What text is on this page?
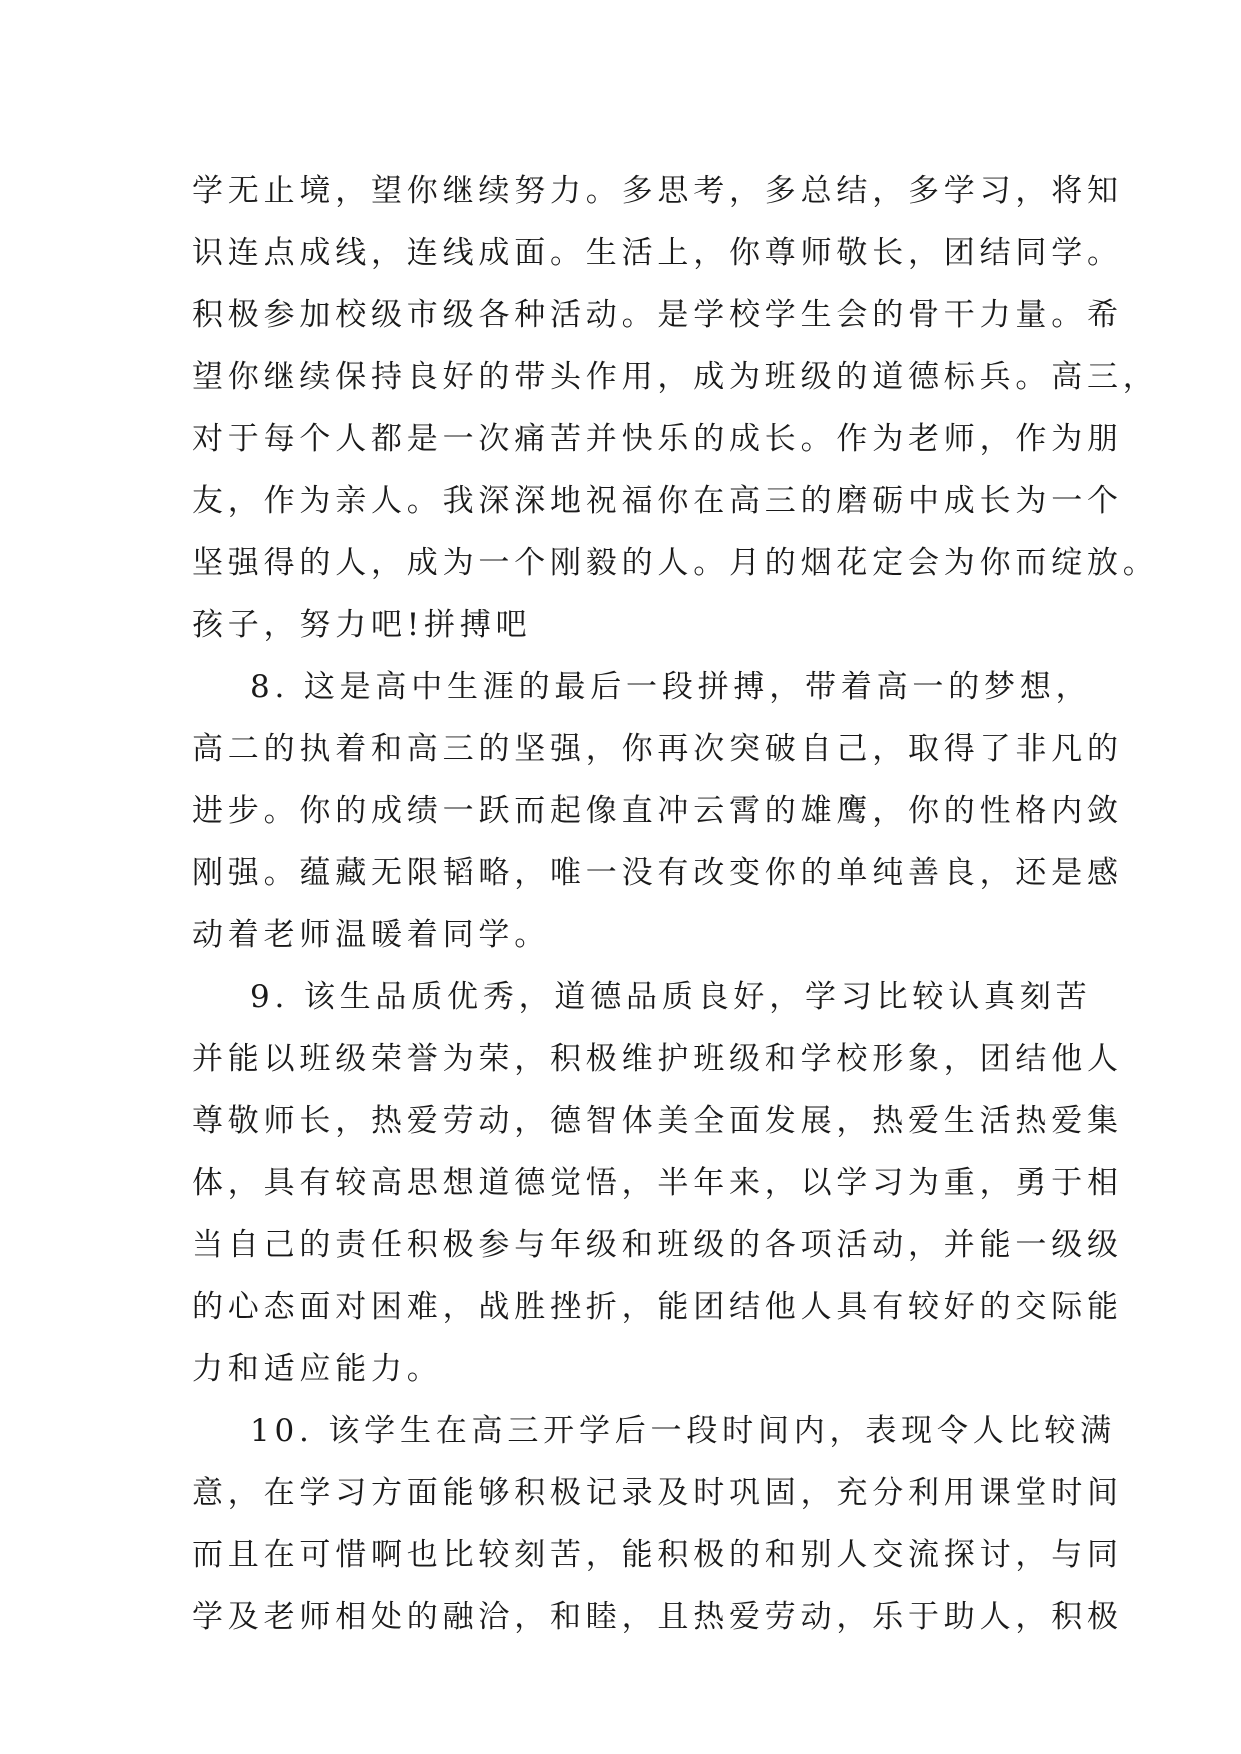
学无止境，望你继续努力。多思考，多总结，多学习，将知
识连点成线，连线成面。生活上，你尊师敬长，团结同学。
积极参加校级市级各种活动。是学校学生会的骨干力量。希
望你继续保持良好的带头作用，成为班级的道德标兵。高三，
对于每个人都是一次痛苦并快乐的成长。作为老师，作为朋
友，作为亲人。我深深地祝福你在高三的磨砺中成长为一个
坚强得的人，成为一个刚毅的人。月的烟花定会为你而绽放。
孩子，努力吧!拼搏吧
8. 这是高中生涯的最后一段拼搏，带着高一的梦想，
高二的执着和高三的坚强，你再次突破自己，取得了非凡的
进步。你的成绩一跃而起像直冲云霄的雄鹰，你的性格内敛
刚强。蕴藏无限韬略，唯一没有改变你的单纯善良，还是感
动着老师温暖着同学。
9. 该生品质优秀，道德品质良好，学习比较认真刻苦
并能以班级荣誉为荣，积极维护班级和学校形象，团结他人
尊敬师长，热爱劳动，德智体美全面发展，热爱生活热爱集
体，具有较高思想道德觉悟，半年来，以学习为重，勇于相
当自己的责任积极参与年级和班级的各项活动，并能一级级
的心态面对困难，战胜挫折，能团结他人具有较好的交际能
力和适应能力。
10. 该学生在高三开学后一段时间内，表现令人比较满
意，在学习方面能够积极记录及时巩固，充分利用课堂时间
而且在可惜啊也比较刻苦，能积极的和别人交流探讨，与同
学及老师相处的融洽，和睦，且热爱劳动，乐于助人，积极
